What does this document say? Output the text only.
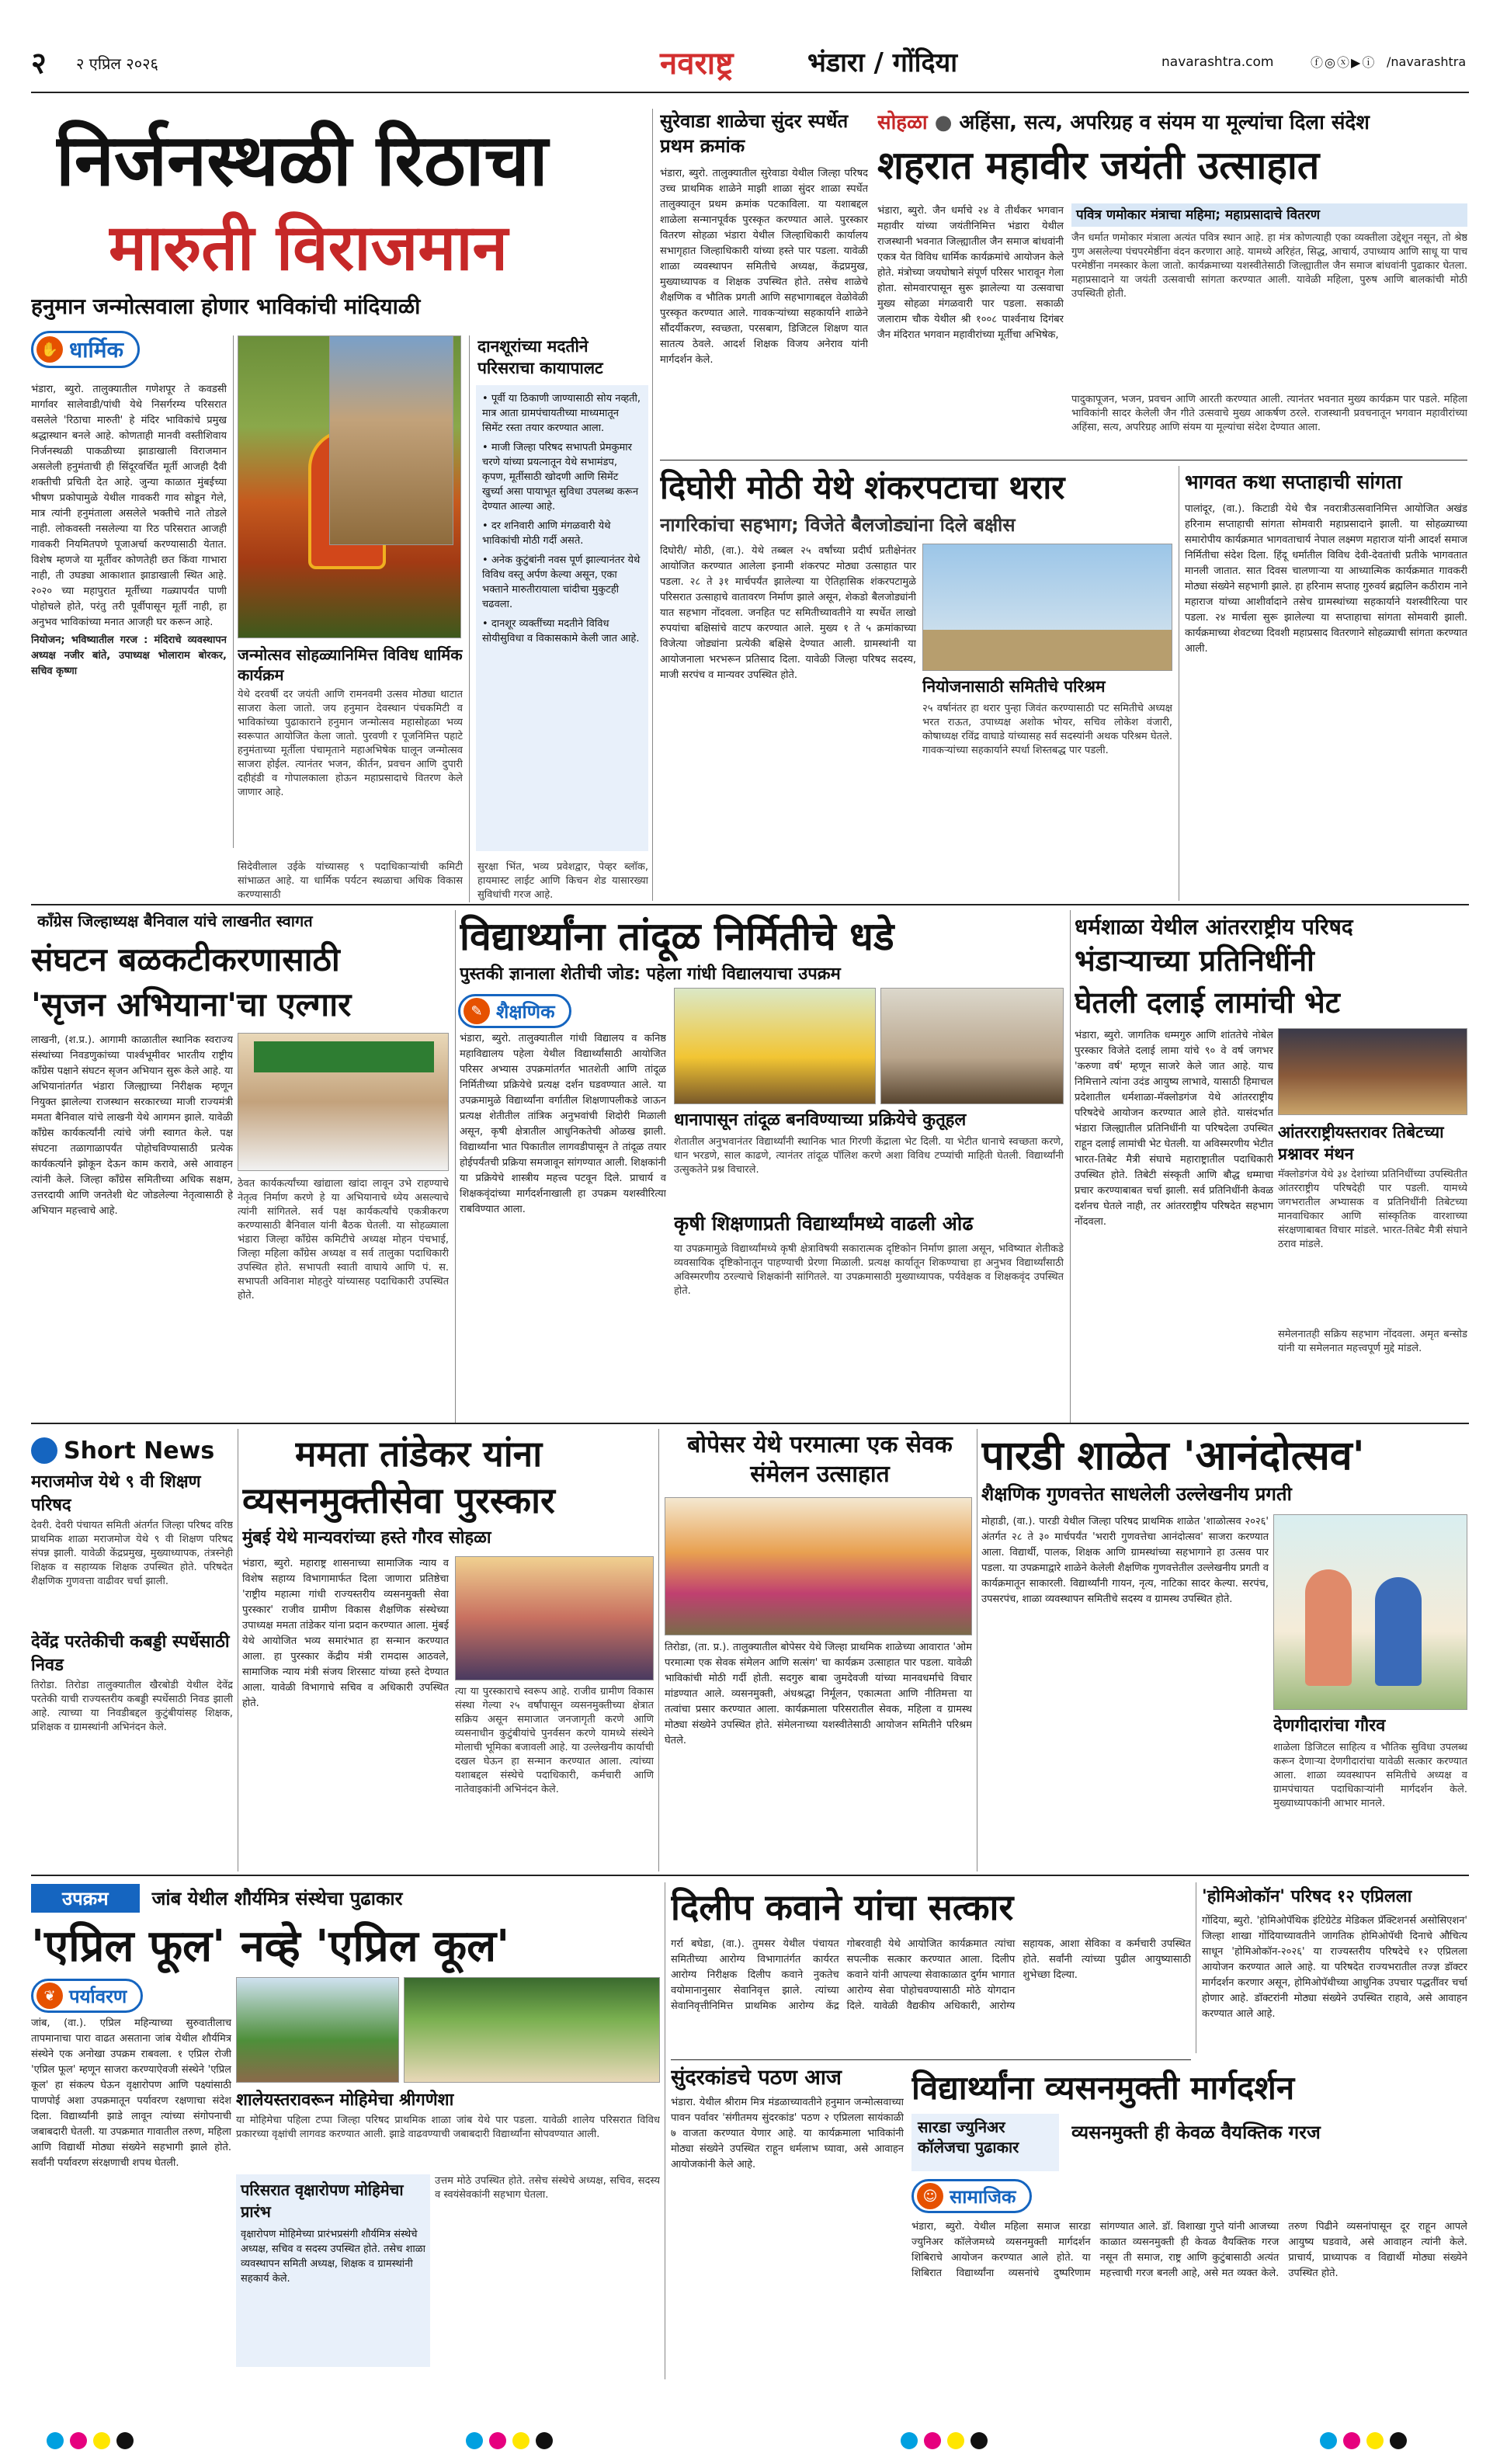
२ २ एप्रिल २०२६	नवराष्ट्र	भंडारा / गोंदिया	navarashtra.com	ⓕ◎ⓧ▶ⓘ /navarashtra
निर्जनस्थळी रिठाचा
मारुती विराजमान
हनुमान जन्मोत्सवाला होणार भाविकांची मांदियाळी
✋ धार्मिक

भंडारा, ब्युरो. तालुक्यातील गणेशपूर ते कवडसी मार्गावर सालेवाडी/पांधी येथे निसर्गरम्य परिसरात वसलेले 'रिठाचा मारुती' हे मंदिर भाविकांचे प्रमुख श्रद्धास्थान बनले आहे. कोणताही मानवी वस्तीशिवाय निर्जनस्थळी पाकळीच्या झाडाखाली विराजमान असलेली हनुमंताची ही सिंदूरवर्चित मूर्ती आजही दैवी शक्तीची प्रचिती देत आहे. जुन्या काळात मुंबईच्या भीषण प्रकोपामुळे येथील गावकरी गाव सोडून गेले, मात्र त्यांनी हनुमंताला असलेले भक्तीचे नाते तोडले नाही. लोकवस्ती नसलेल्या या रिठ परिसरात आजही गावकरी नियमितपणे पूजाअर्चा करण्यासाठी येतात. विशेष म्हणजे या मूर्तीवर कोणतेही छत किंवा गाभारा नाही, ती उघड्या आकाशात झाडाखाली स्थित आहे. २०२० च्या महापुरात मूर्तीच्या गळ्यापर्यंत पाणी पोहोचले होते, परंतु तरी पूर्वीपासून मूर्ती नाही, हा अनुभव भाविकांच्या मनात आजही घर करून आहे.

नियोजन; भविष्यातील गरज : मंदिराचे व्यवस्थापन अध्यक्ष नजीर बांते, उपाध्यक्ष भोलाराम बोरकर, सचिव कृष्णा

जन्मोत्सव सोहळ्यानिमित्त विविध धार्मिक कार्यक्रम
येथे दरवर्षी दर जयंती आणि रामनवमी उत्सव मोठ्या थाटात साजरा केला जातो. जय हनुमान देवस्थान पंचकमिटी व भाविकांच्या पुढाकाराने हनुमान जन्मोत्सव महासोहळा भव्य स्वरूपात आयोजित केला जातो. पुरवणी र पूजनिमित्त पहाटे हनुमंताच्या मूर्तीला पंचामृताने महाअभिषेक घालून जन्मोत्सव साजरा होईल. त्यानंतर भजन, कीर्तन, प्रवचन आणि दुपारी दहीहंडी व गोपालकाला होऊन महाप्रसादाचे वितरण केले जाणार आहे.
सिदेवीलाल उईके यांच्यासह ९ पदाधिकाऱ्यांची कमिटी सांभाळत आहे. या धार्मिक पर्यटन स्थळाचा अधिक विकास करण्यासाठी
दानशूरांच्या मदतीने परिसराचा कायापालट
• पूर्वी या ठिकाणी जाण्यासाठी सोय नव्हती, मात्र आता ग्रामपंचायतीच्या माध्यमातून सिमेंट रस्ता तयार करण्यात आला.
• माजी जिल्हा परिषद सभापती प्रेमकुमार चरणे यांच्या प्रयत्नातून येथे सभामंडप, कृपण, मूर्तीसाठी खोदणी आणि सिमेंट खुर्च्या असा पायाभूत सुविधा उपलब्ध करून देण्यात आल्या आहे.
• दर शनिवारी आणि मंगळवारी येथे भाविकांची मोठी गर्दी असते.
• अनेक कुटुंबांनी नवस पूर्ण झाल्यानंतर येथे विविध वस्तू अर्पण केल्या असून, एका भक्ताने मारुतीरायाला चांदीचा मुकुटही चढवला.
• दानशूर व्यक्तींच्या मदतीने विविध सोयीसुविधा व विकासकामे केली जात आहे.
सुरक्षा भिंत, भव्य प्रवेशद्वार, पेव्हर ब्लॉक, हायमास्ट लाईट आणि किचन शेड यासारख्या सुविधांची गरज आहे.
सुरेवाडा शाळेचा सुंदर स्पर्धेत प्रथम क्रमांक
भंडारा, ब्युरो. तालुक्यातील सुरेवाडा येथील जिल्हा परिषद उच्च प्राथमिक शाळेने माझी शाळा सुंदर शाळा स्पर्धेत तालुक्यातून प्रथम क्रमांक पटकाविला. या यशाबद्दल शाळेला सन्मानपूर्वक पुरस्कृत करण्यात आले. पुरस्कार वितरण सोहळा भंडारा येथील जिल्हाधिकारी कार्यालय सभागृहात जिल्हाधिकारी यांच्या हस्ते पार पडला. यावेळी शाळा व्यवस्थापन समितीचे अध्यक्ष, केंद्रप्रमुख, मुख्याध्यापक व शिक्षक उपस्थित होते. तसेच शाळेचे शैक्षणिक व भौतिक प्रगती आणि सहभागाबद्दल वेळोवेळी पुरस्कृत करण्यात आले. गावकऱ्यांच्या सहकार्याने शाळेने सौंदर्यीकरण, स्वच्छता, परसबाग, डिजिटल शिक्षण यात सातत्य ठेवले. आदर्श शिक्षक विजय अनेराव यांनी मार्गदर्शन केले.
सोहळा ● अहिंसा, सत्य, अपरिग्रह व संयम या मूल्यांचा दिला संदेश
शहरात महावीर जयंती उत्साहात
भंडारा, ब्युरो. जैन धर्माचे २४ वे तीर्थंकर भगवान महावीर यांच्या जयंतीनिमित्त भंडारा येथील राजस्थानी भवनात जिल्ह्यातील जैन समाज बांधवांनी एकत्र येत विविध धार्मिक कार्यक्रमांचे आयोजन केले होते. मंत्रोच्या जयघोषाने संपूर्ण परिसर भारावून गेला होता. सोमवारपासून सुरू झालेल्या या उत्सवाचा मुख्य सोहळा मंगळवारी पार पडला. सकाळी जलाराम चौक येथील श्री १००८ पार्श्वनाथ दिगंबर जैन मंदिरात भगवान महावीरांच्या मूर्तीचा अभिषेक,
पवित्र णमोकार मंत्राचा महिमा; महाप्रसादाचे वितरण
जैन धर्मात णमोकार मंत्राला अत्यंत पवित्र स्थान आहे. हा मंत्र कोणत्याही एका व्यक्तीला उद्देशून नसून, तो श्रेष्ठ गुण असलेल्या पंचपरमेष्ठींना वंदन करणारा आहे. यामध्ये अरिहंत, सिद्ध, आचार्य, उपाध्याय आणि साधू या पाच परमेष्ठींना नमस्कार केला जातो. कार्यक्रमाच्या यशस्वीतेसाठी जिल्ह्यातील जैन समाज बांधवांनी पुढाकार घेतला. महाप्रसादाने या जयंती उत्सवाची सांगता करण्यात आली. यावेळी महिला, पुरुष आणि बालकांची मोठी उपस्थिती होती.
पादुकापूजन, भजन, प्रवचन आणि आरती करण्यात आली. त्यानंतर भवनात मुख्य कार्यक्रम पार पडले. महिला भाविकांनी सादर केलेली जैन गीते उत्सवाचे मुख्य आकर्षण ठरले. राजस्थानी प्रवचनातून भगवान महावीरांच्या अहिंसा, सत्य, अपरिग्रह आणि संयम या मूल्यांचा संदेश देण्यात आला.
दिघोरी मोठी येथे शंकरपटाचा थरार
नागरिकांचा सहभाग; विजेते बैलजोड्यांना दिले बक्षीस
दिघोरी/ मोठी, (वा.). येथे तब्बल २५ वर्षांच्या प्रदीर्घ प्रतीक्षेनंतर आयोजित करण्यात आलेला इनामी शंकरपट मोठ्या उत्साहात पार पडला. २८ ते ३१ मार्चपर्यंत झालेल्या या ऐतिहासिक शंकरपटामुळे परिसरात उत्साहाचे वातावरण निर्माण झाले असून, शेकडो बैलजोड्यांनी यात सहभाग नोंदवला. जनहित पट समितीच्यावतीने या स्पर्धेत लाखो रुपयांचा बक्षिसांचे वाटप करण्यात आले. मुख्य १ ते ५ क्रमांकाच्या विजेत्या जोड्यांना प्रत्येकी बक्षिसे देण्यात आली. ग्रामस्थांनी या आयोजनाला भरभरून प्रतिसाद दिला. यावेळी जिल्हा परिषद सदस्य, माजी सरपंच व मान्यवर उपस्थित होते.
नियोजनासाठी समितीचे परिश्रम
२५ वर्षानंतर हा थरार पुन्हा जिवंत करण्यासाठी पट समितीचे अध्यक्ष भरत राऊत, उपाध्यक्ष अशोक भोयर, सचिव लोकेश वंजारी, कोषाध्यक्ष रविंद्र वाघाडे यांच्यासह सर्व सदस्यांनी अथक परिश्रम घेतले. गावकऱ्यांच्या सहकार्याने स्पर्धा शिस्तबद्ध पार पडली.
भागवत कथा सप्ताहाची सांगता
पालांदूर, (वा.). किटाडी येथे चैत्र नवरात्रीउत्सवानिमित्त आयोजित अखंड हरिनाम सप्ताहाची सांगता सोमवारी महाप्रसादाने झाली. या सोहळ्याच्या समारोपीय कार्यक्रमात भागवताचार्य नेपाल लक्ष्मण महाराज यांनी आदर्श समाज निर्मितीचा संदेश दिला. हिंदू धर्मातील विविध देवी-देवतांची प्रतीके भागवतात मानली जातात. सात दिवस चालणाऱ्या या आध्यात्मिक कार्यक्रमात गावकरी मोठ्या संख्येने सहभागी झाले. हा हरिनाम सप्ताह गुरुवर्य ब्रह्मलिन कठीराम नाने महाराज यांच्या आशीर्वादाने तसेच ग्रामस्थांच्या सहकार्याने यशस्वीरित्या पार पडला. २४ मार्चला सुरू झालेल्या या सप्ताहाचा सांगता सोमवारी झाली. कार्यक्रमाच्या शेवटच्या दिवशी महाप्रसाद वितरणाने सोहळ्याची सांगता करण्यात आली.
काँग्रेस जिल्हाध्यक्ष बैनिवाल यांचे लाखनीत स्वागत
संघटन बळकटीकरणासाठी
'सृजन अभियाना'चा एल्गार
लाखनी, (श.प्र.). आगामी काळातील स्थानिक स्वराज्य संस्थांच्या निवडणुकांच्या पार्श्वभूमीवर भारतीय राष्ट्रीय काँग्रेस पक्षाने संघटन सृजन अभियान सुरू केले आहे. या अभियानांतर्गत भंडारा जिल्ह्याच्या निरीक्षक म्हणून नियुक्त झालेल्या राजस्थान सरकारच्या माजी राज्यमंत्री ममता बैनिवाल यांचे लाखनी येथे आगमन झाले. यावेळी काँग्रेस कार्यकर्त्यांनी त्यांचे जंगी स्वागत केले. पक्ष संघटना तळागाळापर्यंत पोहोचविण्यासाठी प्रत्येक कार्यकर्त्याने झोकून देऊन काम करावे, असे आवाहन त्यांनी केले. जिल्हा काँग्रेस समितीच्या अधिक सक्षम, उत्तरदायी आणि जनतेशी थेट जोडलेल्या नेतृत्वासाठी हे अभियान महत्त्वाचे आहे.
ठेवत कार्यकर्त्यांच्या खांद्याला खांदा लावून उभे राहण्याचे नेतृत्व निर्माण करणे हे या अभियानाचे ध्येय असल्याचे त्यांनी सांगितले. सर्व पक्ष कार्यकर्त्यांचे एकत्रीकरण करण्यासाठी बैनिवाल यांनी बैठक घेतली. या सोहळ्याला भंडारा जिल्हा कॉंग्रेस कमिटीचे अध्यक्ष मोहन पंचभाई, जिल्हा महिला कॉंग्रेस अध्यक्ष व सर्व तालुका पदाधिकारी उपस्थित होते. सभापती स्वाती वाघाये आणि पं. स. सभापती अविनाश मोहतुरे यांच्यासह पदाधिकारी उपस्थित होते.
विद्यार्थ्यांना तांदूळ निर्मितीचे धडे
पुस्तकी ज्ञानाला शेतीची जोड: पहेला गांधी विद्यालयाचा उपक्रम
✎ शैक्षणिक
भंडारा, ब्युरो. तालुक्यातील गांधी विद्यालय व कनिष्ठ महाविद्यालय पहेला येथील विद्यार्थ्यांसाठी आयोजित परिसर अभ्यास उपक्रमांतर्गत भातशेती आणि तांदूळ निर्मितीच्या प्रक्रियेचे प्रत्यक्ष दर्शन घडवण्यात आले. या उपक्रमामुळे विद्यार्थ्यांना वर्गातील शिक्षणापलीकडे जाऊन प्रत्यक्ष शेतीतील तांत्रिक अनुभवांची शिदोरी मिळाली असून, कृषी क्षेत्रातील आधुनिकतेची ओळख झाली. विद्यार्थ्यांना भात पिकातील लागवडीपासून ते तांदूळ तयार होईपर्यंतची प्रक्रिया समजावून सांगण्यात आली. शिक्षकांनी या प्रक्रियेचे शास्त्रीय महत्त्व पटवून दिले. प्राचार्य व शिक्षकवृंदांच्या मार्गदर्शनाखाली हा उपक्रम यशस्वीरित्या राबविण्यात आला.
धानापासून तांदूळ बनविण्याच्या प्रक्रियेचे कुतूहल
शेतातील अनुभवानंतर विद्यार्थ्यांनी स्थानिक भात गिरणी केंद्राला भेट दिली. या भेटीत धानाचे स्वच्छता करणे, धान भरडणे, साल काढणे, त्यानंतर तांदूळ पॉलिश करणे अशा विविध टप्प्यांची माहिती घेतली. विद्यार्थ्यांनी उत्सुकतेने प्रश्न विचारले.
कृषी शिक्षणाप्रती विद्यार्थ्यांमध्ये वाढली ओढ
या उपक्रमामुळे विद्यार्थ्यांमध्ये कृषी क्षेत्राविषयी सकारात्मक दृष्टिकोन निर्माण झाला असून, भविष्यात शेतीकडे व्यवसायिक दृष्टिकोनातून पाहण्याची प्रेरणा मिळाली. प्रत्यक्ष कार्यातून शिकण्याचा हा अनुभव विद्यार्थ्यांसाठी अविस्मरणीय ठरल्याचे शिक्षकांनी सांगितले. या उपक्रमासाठी मुख्याध्यापक, पर्यवेक्षक व शिक्षकवृंद उपस्थित होते.
धर्मशाळा येथील आंतरराष्ट्रीय परिषद
भंडाऱ्याच्या प्रतिनिधींनी
घेतली दलाई लामांची भेट
भंडारा, ब्युरो. जागतिक धम्मगुरु आणि शांततेचे नोबेल पुरस्कार विजेते दलाई लामा यांचे ९० वे वर्ष जगभर 'करुणा वर्ष' म्हणून साजरे केले जात आहे. याच निमित्ताने त्यांना उदंड आयुष्य लाभावे, यासाठी हिमाचल प्रदेशातील धर्मशाळा-मॅक्लोडगंज येथे आंतरराष्ट्रीय परिषदेचे आयोजन करण्यात आले होते. यासंदर्भात भंडारा जिल्ह्यातील प्रतिनिधींनी या परिषदेला उपस्थित राहून दलाई लामांची भेट घेतली. या अविस्मरणीय भेटीत भारत-तिबेट मैत्री संघाचे महाराष्ट्रातील पदाधिकारी उपस्थित होते. तिबेटी संस्कृती आणि बौद्ध धम्माचा प्रचार करण्याबाबत चर्चा झाली. सर्व प्रतिनिधींनी केवळ दर्शनच घेतले नाही, तर आंतरराष्ट्रीय परिषदेत सहभाग नोंदवला.
आंतरराष्ट्रीयस्तरावर तिबेटच्या प्रश्नावर मंथन
मॅक्लोडगंज येथे ३४ देशांच्या प्रतिनिधींच्या उपस्थितीत आंतरराष्ट्रीय परिषदेही पार पडली. यामध्ये जगभरातील अभ्यासक व प्रतिनिधींनी तिबेटच्या मानवाधिकार आणि सांस्कृतिक वारशाच्या संरक्षणाबाबत विचार मांडले. भारत-तिबेट मैत्री संघाने ठराव मांडले.
समेलनातही सक्रिय सहभाग नोंदवला. अमृत बन्सोड यांनी या समेलनात महत्त्वपूर्ण मुद्दे मांडले.
Short News
मराजमोज येथे ९ वी शिक्षण परिषद
देवरी. देवरी पंचायत समिती अंतर्गत जिल्हा परिषद वरिष्ठ प्राथमिक शाळा मराजमोज येथे ९ वी शिक्षण परिषद संपन्न झाली. यावेळी केंद्रप्रमुख, मुख्याध्यापक, तंत्रस्नेही शिक्षक व सहाय्यक शिक्षक उपस्थित होते. परिषदेत शैक्षणिक गुणवत्ता वाढीवर चर्चा झाली.
देवेंद्र परतेकीची कबड्डी स्पर्धेसाठी निवड
तिरोडा. तिरोडा तालुक्यातील खैरबोडी येथील देवेंद्र परतेकी याची राज्यस्तरीय कबड्डी स्पर्धेसाठी निवड झाली आहे. त्याच्या या निवडीबद्दल कुटुंबीयांसह शिक्षक, प्रशिक्षक व ग्रामस्थांनी अभिनंदन केले.
ममता तांडेकर यांना
व्यसनमुक्तीसेवा पुरस्कार
मुंबई येथे मान्यवरांच्या हस्ते गौरव सोहळा
भंडारा, ब्युरो. महाराष्ट्र शासनाच्या सामाजिक न्याय व विशेष सहाय्य विभागामार्फत दिला जाणारा प्रतिष्ठेचा 'राष्ट्रीय महात्मा गांधी राज्यस्तरीय व्यसनमुक्ती सेवा पुरस्कार' राजीव ग्रामीण विकास शैक्षणिक संस्थेच्या उपाध्यक्ष ममता तांडेकर यांना प्रदान करण्यात आला. मुंबई येथे आयोजित भव्य समारंभात हा सन्मान करण्यात आला. हा पुरस्कार केंद्रीय मंत्री रामदास आठवले, सामाजिक न्याय मंत्री संजय शिरसाट यांच्या हस्ते देण्यात आला. यावेळी विभागाचे सचिव व अधिकारी उपस्थित होते.
त्या या पुरस्काराचे स्वरूप आहे. राजीव ग्रामीण विकास संस्था गेल्या २५ वर्षांपासून व्यसनमुक्तीच्या क्षेत्रात सक्रिय असून समाजात जनजागृती करणे आणि व्यसनाधीन कुटुंबीयांचे पुनर्वसन करणे यामध्ये संस्थेने मोलाची भूमिका बजावली आहे. या उल्लेखनीय कार्याची दखल घेऊन हा सन्मान करण्यात आला. त्यांच्या यशाबद्दल संस्थेचे पदाधिकारी, कर्मचारी आणि नातेवाइकांनी अभिनंदन केले.
बोपेसर येथे परमात्मा एक सेवक संमेलन उत्साहात
तिरोडा, (ता. प्र.). तालुक्यातील बोपेसर येथे जिल्हा प्राथमिक शाळेच्या आवारात 'ओम परमात्मा एक सेवक संमेलन आणि सत्संग' चा कार्यक्रम उत्साहात पार पडला. यावेळी भाविकांची मोठी गर्दी होती. सदगुरु बाबा जुमदेवजी यांच्या मानवधर्माचे विचार मांडण्यात आले. व्यसनमुक्ती, अंधश्रद्धा निर्मूलन, एकात्मता आणि नीतिमत्ता या तत्वांचा प्रसार करण्यात आला. कार्यक्रमाला परिसरातील सेवक, महिला व ग्रामस्थ मोठ्या संख्येने उपस्थित होते. संमेलनाच्या यशस्वीतेसाठी आयोजन समितीने परिश्रम घेतले.
पारडी शाळेत 'आनंदोत्सव'
शैक्षणिक गुणवत्तेत साधलेली उल्लेखनीय प्रगती
मोहाडी, (वा.). पारडी येथील जिल्हा परिषद प्राथमिक शाळेत 'शाळोत्सव २०२६' अंतर्गत २८ ते ३० मार्चपर्यंत 'भरारी गुणवत्तेचा आनंदोत्सव' साजरा करण्यात आला. विद्यार्थी, पालक, शिक्षक आणि ग्रामस्थांच्या सहभागाने हा उत्सव पार पडला. या उपक्रमाद्वारे शाळेने केलेली शैक्षणिक गुणवत्तेतील उल्लेखनीय प्रगती व कार्यक्रमातून साकारली. विद्यार्थ्यांनी गायन, नृत्य, नाटिका सादर केल्या. सरपंच, उपसरपंच, शाळा व्यवस्थापन समितीचे सदस्य व ग्रामस्थ उपस्थित होते.
देणगीदारांचा गौरव
शाळेला डिजिटल साहित्य व भौतिक सुविधा उपलब्ध करून देणाऱ्या देणगीदारांचा यावेळी सत्कार करण्यात आला. शाळा व्यवस्थापन समितीचे अध्यक्ष व ग्रामपंचायत पदाधिकाऱ्यांनी मार्गदर्शन केले. मुख्याध्यापकांनी आभार मानले.
उपक्रम	जांब येथील शौर्यमित्र संस्थेचा पुढाकार
'एप्रिल फूल' नव्हे 'एप्रिल कूल'
❦ पर्यावरण
जांब, (वा.). एप्रिल महिन्याच्या सुरुवातीलाच तापमानाचा पारा वाढत असताना जांब येथील शौर्यमित्र संस्थेने एक अनोखा उपक्रम राबवला. १ एप्रिल रोजी 'एप्रिल फूल' म्हणून साजरा करण्याऐवजी संस्थेने 'एप्रिल कूल' हा संकल्प घेऊन वृक्षारोपण आणि पक्ष्यांसाठी पाणपोई अशा उपक्रमातून पर्यावरण रक्षणाचा संदेश दिला. विद्यार्थ्यांनी झाडे लावून त्यांच्या संगोपनाची जबाबदारी घेतली. या उपक्रमात गावातील तरुण, महिला आणि विद्यार्थी मोठ्या संख्येने सहभागी झाले होते. सर्वांनी पर्यावरण संरक्षणाची शपथ घेतली.
शालेयस्तरावरून मोहिमेचा श्रीगणेशा
या मोहिमेचा पहिला टप्पा जिल्हा परिषद प्राथमिक शाळा जांब येथे पार पडला. यावेळी शालेय परिसरात विविध प्रकारच्या वृक्षांची लागवड करण्यात आली. झाडे वाढवण्याची जबाबदारी विद्यार्थ्यांना सोपवण्यात आली.
परिसरात वृक्षारोपण मोहिमेचा प्रारंभ
वृक्षारोपण मोहिमेच्या प्रारंभप्रसंगी शौर्यमित्र संस्थेचे अध्यक्ष, सचिव व सदस्य उपस्थित होते. तसेच शाळा व्यवस्थापन समिती अध्यक्ष, शिक्षक व ग्रामस्थांनी सहकार्य केले.
उत्तम मोठे उपस्थित होते. तसेच संस्थेचे अध्यक्ष, सचिव, सदस्य व स्वयंसेवकांनी सहभाग घेतला.
दिलीप कवाने यांचा सत्कार
गर्रा बघेडा, (वा.). तुमसर येथील पंचायत समितीच्या आरोग्य विभागातंर्गत कार्यरत आरोग्य निरीक्षक दिलीप कवाने नुकतेच वयोमानानुसार सेवानिवृत्त झाले. त्यांच्या सेवानिवृत्तीनिमित्त प्राथमिक आरोग्य केंद्र गोबरवाही येथे आयोजित कार्यक्रमात त्यांचा सपत्नीक सत्कार करण्यात आला. दिलीप कवाने यांनी आपल्या सेवाकाळात दुर्गम भागात आरोग्य सेवा पोहोचवण्यासाठी मोठे योगदान दिले. यावेळी वैद्यकीय अधिकारी, आरोग्य सहायक, आशा सेविका व कर्मचारी उपस्थित होते. सर्वांनी त्यांच्या पुढील आयुष्यासाठी शुभेच्छा दिल्या.
सुंदरकांडचे पठण आज
भंडारा. येथील श्रीराम मित्र मंडळाच्यावतीने हनुमान जन्मोत्सवाच्या पावन पर्वावर 'संगीतमय सुंदरकांड' पठण २ एप्रिलला सायंकाळी ७ वाजता करण्यात येणार आहे. या कार्यक्रमाला भाविकांनी मोठ्या संख्येने उपस्थित राहून धर्मलाभ घ्यावा, असे आवाहन आयोजकांनी केले आहे.
'होमिओकॉन' परिषद १२ एप्रिलला
गोंदिया, ब्युरो. 'होमिओपॅथिक इंटिग्रेटेड मेडिकल प्रॅक्टिशनर्स असोसिएशन' जिल्हा शाखा गोंदियाच्यावतीने जागतिक होमिओपॅथी दिनाचे औचित्य साधून 'होमिओकॉन-२०२६' या राज्यस्तरीय परिषदेचे १२ एप्रिलला आयोजन करण्यात आले आहे. या परिषदेत राज्यभरातील तज्ज्ञ डॉक्टर मार्गदर्शन करणार असून, होमिओपॅथीच्या आधुनिक उपचार पद्धतींवर चर्चा होणार आहे. डॉक्टरांनी मोठ्या संख्येने उपस्थित राहावे, असे आवाहन करण्यात आले आहे.
विद्यार्थ्यांना व्यसनमुक्ती मार्गदर्शन
सारडा ज्युनिअर कॉलेजचा पुढाकार
☺ सामाजिक
व्यसनमुक्ती ही केवळ वैयक्तिक गरज
भंडारा, ब्युरो. येथील महिला समाज सारडा ज्युनिअर कॉलेजमध्ये व्यसनमुक्ती मार्गदर्शन शिबिराचे आयोजन करण्यात आले होते. या शिबिरात विद्यार्थ्यांना व्यसनांचे दुष्परिणाम सांगण्यात आले. डॉ. विशाखा गुप्ते यांनी आजच्या काळात व्यसनमुक्ती ही केवळ वैयक्तिक गरज नसून ती समाज, राष्ट्र आणि कुटुंबासाठी अत्यंत महत्त्वाची गरज बनली आहे, असे मत व्यक्त केले. तरुण पिढीने व्यसनांपासून दूर राहून आपले आयुष्य घडवावे, असे आवाहन त्यांनी केले. प्राचार्य, प्राध्यापक व विद्यार्थी मोठ्या संख्येने उपस्थित होते.
